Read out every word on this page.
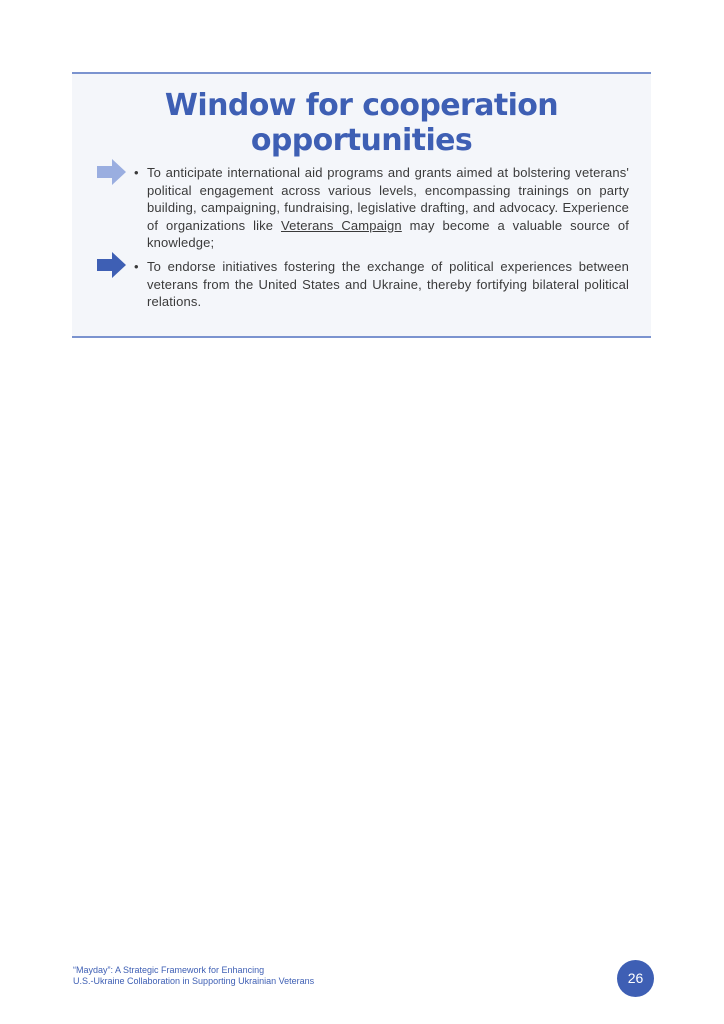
Window for cooperation opportunities
• To anticipate international aid programs and grants aimed at bolstering veterans' political engagement across various levels, encompassing trainings on party building, campaigning, fundraising, legislative drafting, and advocacy. Experience of organizations like Veterans Campaign may become a valuable source of knowledge;
• To endorse initiatives fostering the exchange of political experiences between veterans from the United States and Ukraine, thereby fortifying bilateral political relations.
“Mayday”: A Strategic Framework for Enhancing
U.S.-Ukraine Collaboration in Supporting Ukrainian Veterans	26
